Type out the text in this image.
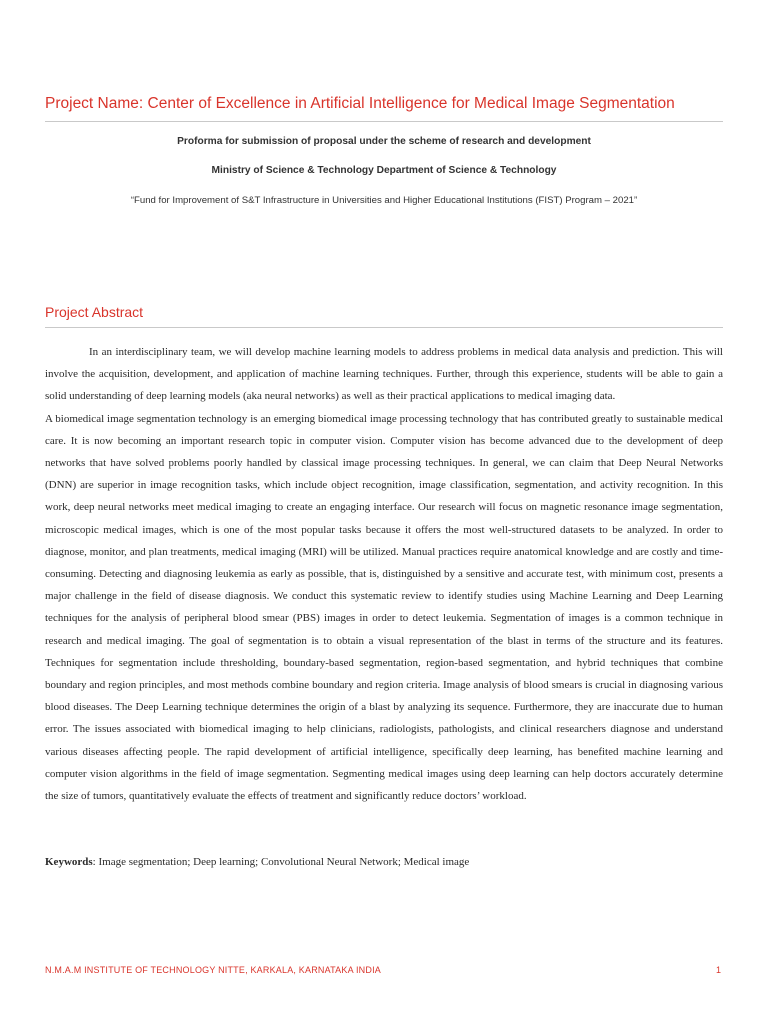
Project Name: Center of Excellence in Artificial Intelligence for Medical Image Segmentation
Proforma for submission of proposal under the scheme of research and development
Ministry of Science & Technology Department of Science & Technology
“Fund for Improvement of S&T Infrastructure in Universities and Higher Educational Institutions (FIST) Program – 2021”
Project Abstract

In an interdisciplinary team, we will develop machine learning models to address problems in medical data analysis and prediction. This will involve the acquisition, development, and application of machine learning techniques. Further, through this experience, students will be able to gain a solid understanding of deep learning models (aka neural networks) as well as their practical applications to medical imaging data.

A biomedical image segmentation technology is an emerging biomedical image processing technology that has contributed greatly to sustainable medical care. It is now becoming an important research topic in computer vision. Computer vision has become advanced due to the development of deep networks that have solved problems poorly handled by classical image processing techniques. In general, we can claim that Deep Neural Networks (DNN) are superior in image recognition tasks, which include object recognition, image classification, segmentation, and activity recognition. In this work, deep neural networks meet medical imaging to create an engaging interface. Our research will focus on magnetic resonance image segmentation, microscopic medical images, which is one of the most popular tasks because it offers the most well-structured datasets to be analyzed. In order to diagnose, monitor, and plan treatments, medical imaging (MRI) will be utilized. Manual practices require anatomical knowledge and are costly and time-consuming. Detecting and diagnosing leukemia as early as possible, that is, distinguished by a sensitive and accurate test, with minimum cost, presents a major challenge in the field of disease diagnosis. We conduct this systematic review to identify studies using Machine Learning and Deep Learning techniques for the analysis of peripheral blood smear (PBS) images in order to detect leukemia. Segmentation of images is a common technique in research and medical imaging. The goal of segmentation is to obtain a visual representation of the blast in terms of the structure and its features. Techniques for segmentation include thresholding, boundary-based segmentation, region-based segmentation, and hybrid techniques that combine boundary and region principles, and most methods combine boundary and region criteria. Image analysis of blood smears is crucial in diagnosing various blood diseases. The Deep Learning technique determines the origin of a blast by analyzing its sequence. Furthermore, they are inaccurate due to human error. The issues associated with biomedical imaging to help clinicians, radiologists, pathologists, and clinical researchers diagnose and understand various diseases affecting people. The rapid development of artificial intelligence, specifically deep learning, has benefited machine learning and computer vision algorithms in the field of image segmentation. Segmenting medical images using deep learning can help doctors accurately determine the size of tumors, quantitatively evaluate the effects of treatment and significantly reduce doctors’ workload.

Keywords: Image segmentation; Deep learning; Convolutional Neural Network; Medical image
N.M.A.M INSTITUTE OF TECHNOLOGY NITTE, KARKALA, KARNATAKA INDIA	1
